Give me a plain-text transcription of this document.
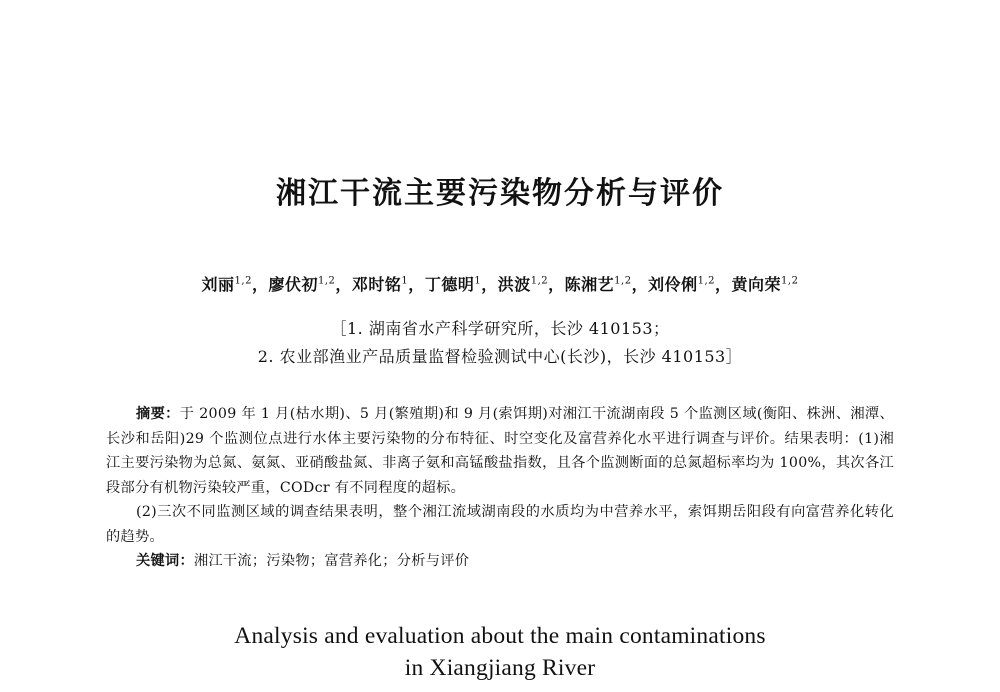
湘江干流主要污染物分析与评价
刘丽$^{1,2}$，廖伏初$^{1,2}$，邓时铭$^1$，丁德明$^1$，洪波$^{1,2}$，陈湘艺$^{1,2}$，刘伶俐$^{1,2}$，黄向荣$^{1,2}$
［1. 湖南省水产科学研究所，长沙 410153；
2. 农业部渔业产品质量监督检验测试中心(长沙)，长沙 410153］

摘要：于 2009 年 1 月(枯水期)、5 月(繁殖期)和 9 月(索饵期)对湘江干流湖南段 5 个监测区域(衡阳、株洲、湘潭、长沙和岳阳)29 个监测位点进行水体主要污染物的分布特征、时空变化及富营养化水平进行调查与评价。结果表明：(1)湘江主要污染物为总氮、氨氮、亚硝酸盐氮、非离子氨和高锰酸盐指数，且各个监测断面的总氮超标率均为 100%，其次各江段部分有机物污染较严重，CODcr 有不同程度的超标。

(2)三次不同监测区域的调查结果表明，整个湘江流域湖南段的水质均为中营养水平，索饵期岳阳段有向富营养化转化的趋势。

关键词：湘江干流；污染物；富营养化；分析与评价

Analysis and evaluation about the main contaminations
in Xiangjiang River
